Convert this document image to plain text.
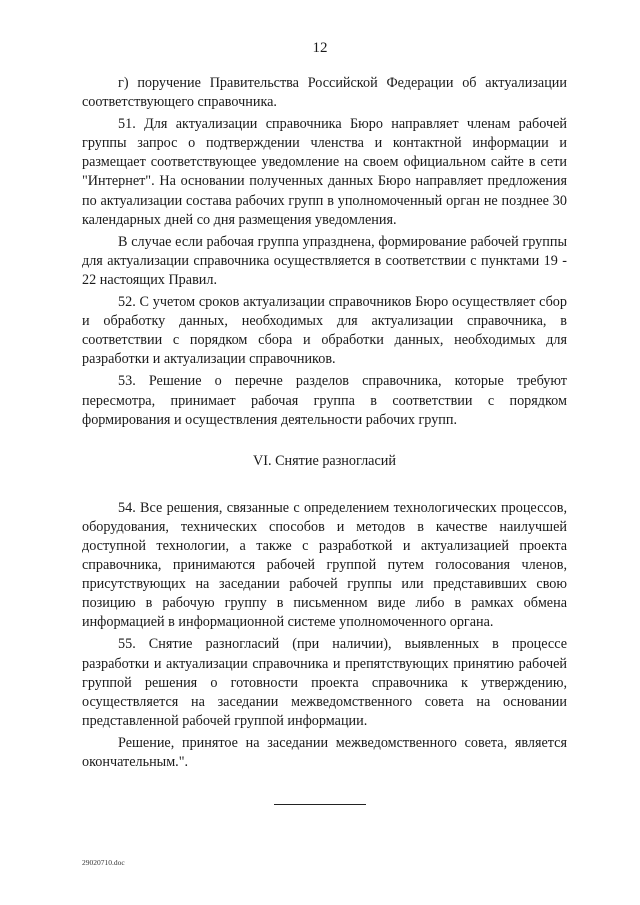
12

г) поручение Правительства Российской Федерации об актуализации соответствующего справочника.

51. Для актуализации справочника Бюро направляет членам рабочей группы запрос о подтверждении членства и контактной информации и размещает соответствующее уведомление на своем официальном сайте в сети "Интернет". На основании полученных данных Бюро направляет предложения по актуализации состава рабочих групп в уполномоченный орган не позднее 30 календарных дней со дня размещения уведомления.

В случае если рабочая группа упразднена, формирование рабочей группы для актуализации справочника осуществляется в соответствии с пунктами 19 - 22 настоящих Правил.

52. С учетом сроков актуализации справочников Бюро осуществляет сбор и обработку данных, необходимых для актуализации справочника, в соответствии с порядком сбора и обработки данных, необходимых для разработки и актуализации справочников.

53. Решение о перечне разделов справочника, которые требуют пересмотра, принимает рабочая группа в соответствии с порядком формирования и осуществления деятельности рабочих групп.

VI. Снятие разногласий

54. Все решения, связанные с определением технологических процессов, оборудования, технических способов и методов в качестве наилучшей доступной технологии, а также с разработкой и актуализацией проекта справочника, принимаются рабочей группой путем голосования членов, присутствующих на заседании рабочей группы или представивших свою позицию в рабочую группу в письменном виде либо в рамках обмена информацией в информационной системе уполномоченного органа.

55. Снятие разногласий (при наличии), выявленных в процессе разработки и актуализации справочника и препятствующих принятию рабочей группой решения о готовности проекта справочника к утверждению, осуществляется на заседании межведомственного совета на основании представленной рабочей группой информации.

Решение, принятое на заседании межведомственного совета, является окончательным.".

29020710.doc
